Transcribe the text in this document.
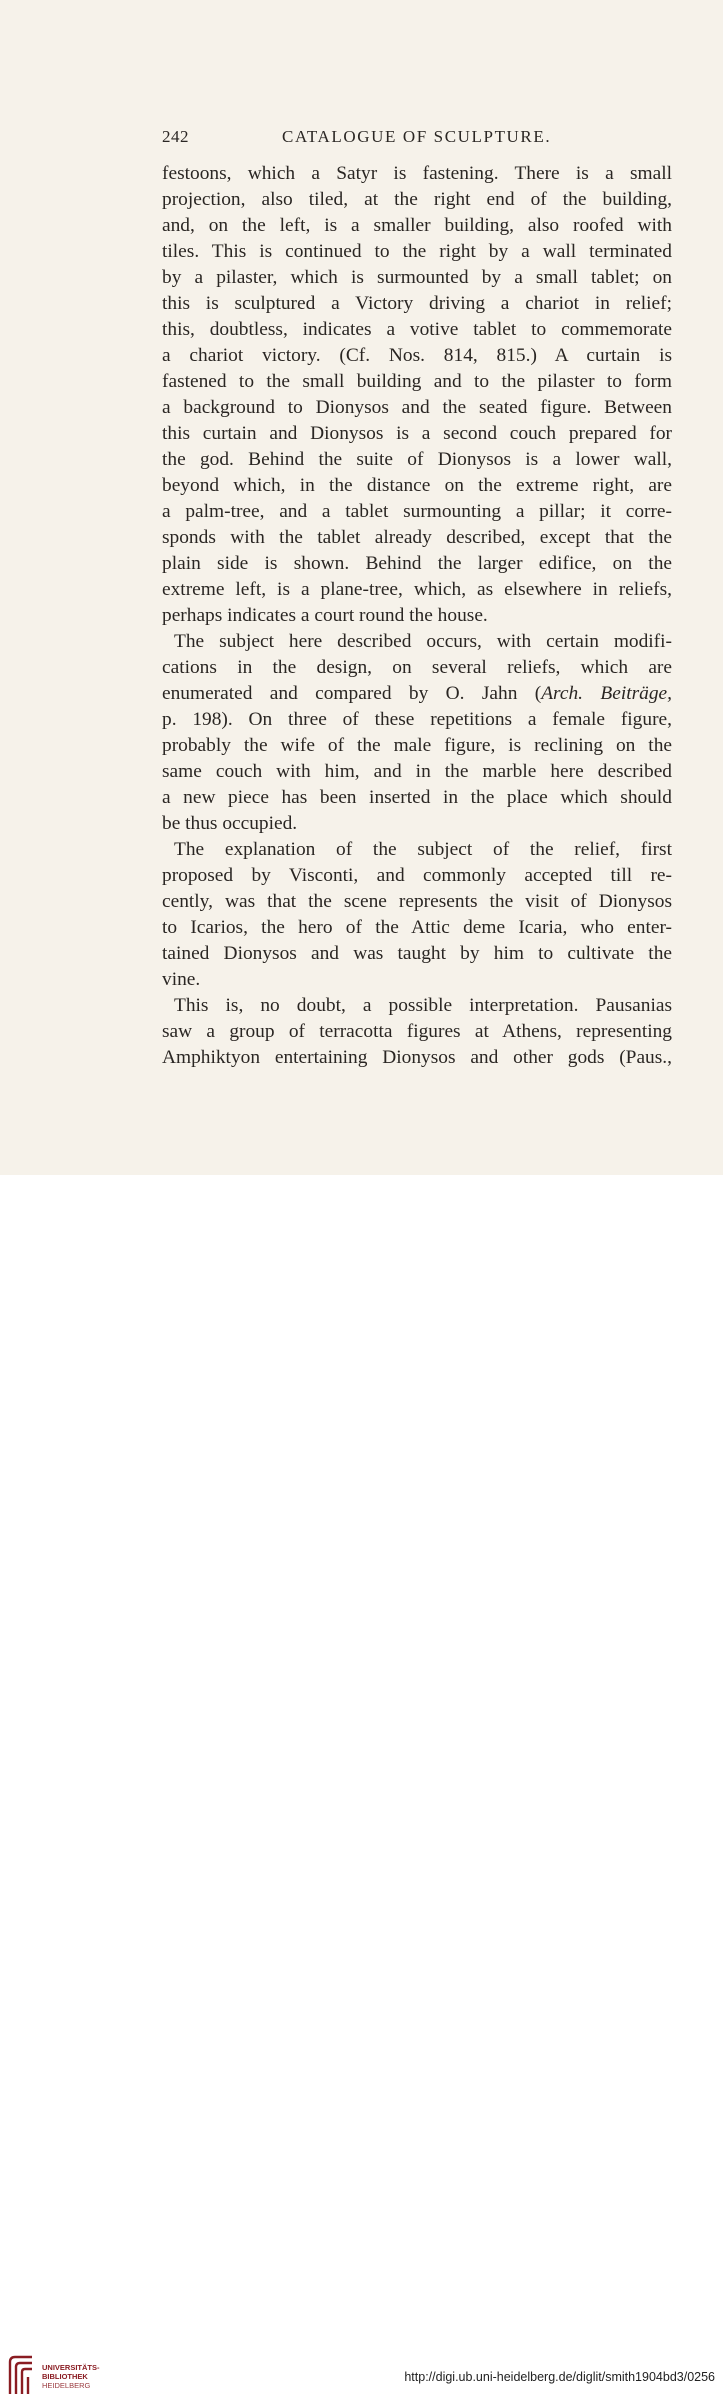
242	CATALOGUE OF SCULPTURE.
festoons, which a Satyr is fastening. There is a small
projection, also tiled, at the right end of the building,
and, on the left, is a smaller building, also roofed with
tiles. This is continued to the right by a wall terminated
by a pilaster, which is surmounted by a small tablet; on
this is sculptured a Victory driving a chariot in relief;
this, doubtless, indicates a votive tablet to commemorate
a chariot victory. (Cf. Nos. 814, 815.) A curtain is
fastened to the small building and to the pilaster to form
a background to Dionysos and the seated figure. Between
this curtain and Dionysos is a second couch prepared for
the god. Behind the suite of Dionysos is a lower wall,
beyond which, in the distance on the extreme right, are
a palm-tree, and a tablet surmounting a pillar; it corre-
sponds with the tablet already described, except that the
plain side is shown. Behind the larger edifice, on the
extreme left, is a plane-tree, which, as elsewhere in reliefs,
perhaps indicates a court round the house.
The subject here described occurs, with certain modifi-
cations in the design, on several reliefs, which are
enumerated and compared by O. Jahn (Arch. Beiträge,
p. 198). On three of these repetitions a female figure,
probably the wife of the male figure, is reclining on the
same couch with him, and in the marble here described
a new piece has been inserted in the place which should
be thus occupied.
The explanation of the subject of the relief, first
proposed by Visconti, and commonly accepted till re-
cently, was that the scene represents the visit of Dionysos
to Icarios, the hero of the Attic deme Icaria, who enter-
tained Dionysos and was taught by him to cultivate the
vine.
This is, no doubt, a possible interpretation. Pausanias
saw a group of terracotta figures at Athens, representing
Amphiktyon entertaining Dionysos and other gods (Paus.,
UNIVERSITÄTS-
BIBLIOTHEK
HEIDELBERG
http://digi.ub.uni-heidelberg.de/diglit/smith1904bd3/0256
